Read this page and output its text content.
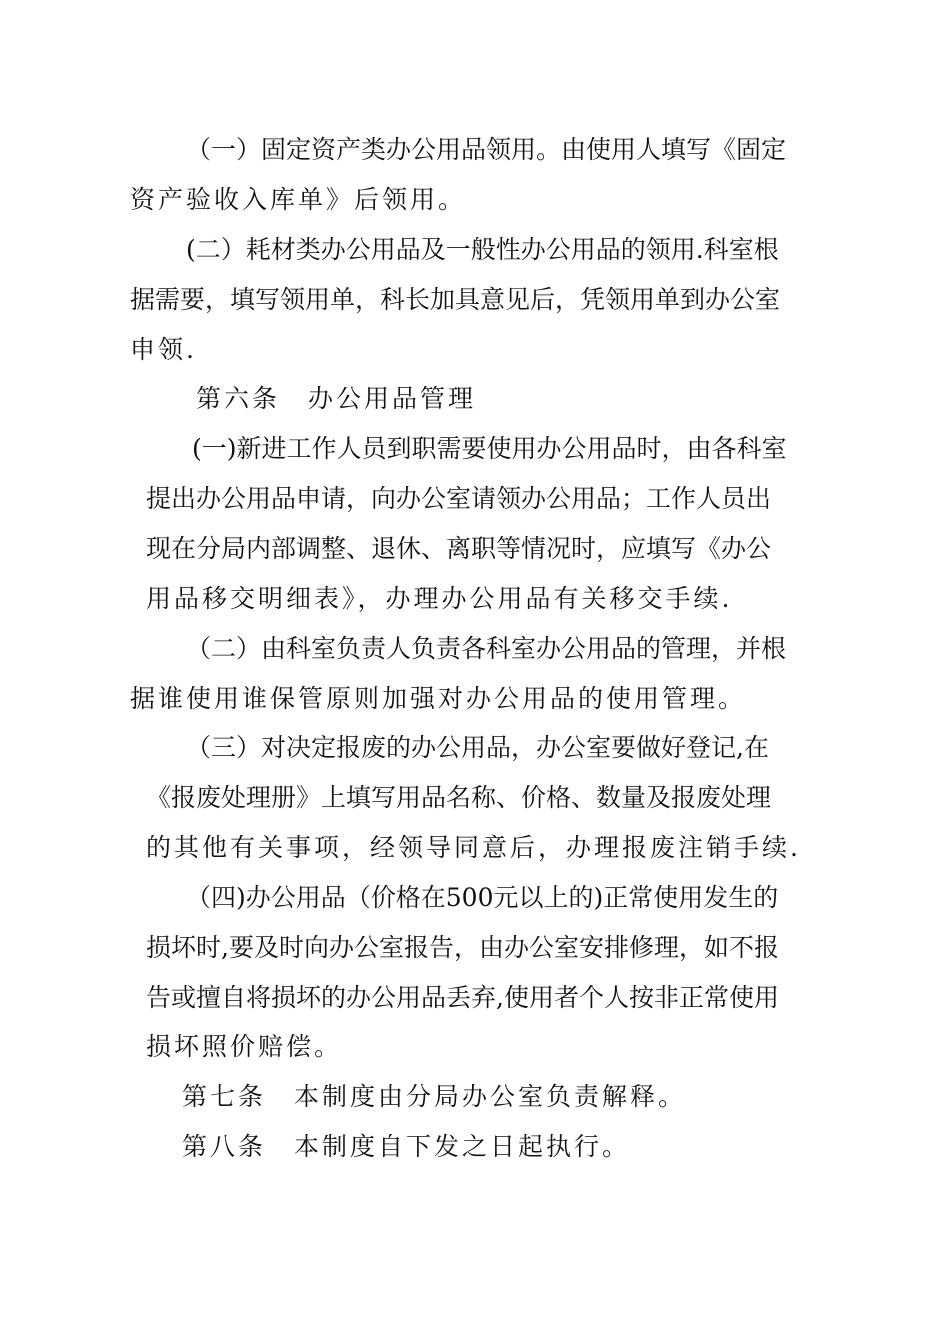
（一）固定资产类办公用品领用。由使用人填写《固定
资产验收入库单》后领用。
(二）耗材类办公用品及一般性办公用品的领用.科室根
据需要，填写领用单，科长加具意见后，凭领用单到办公室
申领.
第六条　办公用品管理
(一)新进工作人员到职需要使用办公用品时，由各科室
提出办公用品申请，向办公室请领办公用品；工作人员出
现在分局内部调整、退休、离职等情况时，应填写《办公
用品移交明细表》，办理办公用品有关移交手续.
（二）由科室负责人负责各科室办公用品的管理，并根
据谁使用谁保管原则加强对办公用品的使用管理。
（三）对决定报废的办公用品，办公室要做好登记,在
《报废处理册》上填写用品名称、价格、数量及报废处理
的其他有关事项，经领导同意后，办理报废注销手续.
（四)办公用品（价格在500元以上的)正常使用发生的
损坏时,要及时向办公室报告，由办公室安排修理，如不报
告或擅自将损坏的办公用品丢弃,使用者个人按非正常使用
损坏照价赔偿。
第七条　本制度由分局办公室负责解释。
第八条　本制度自下发之日起执行。
